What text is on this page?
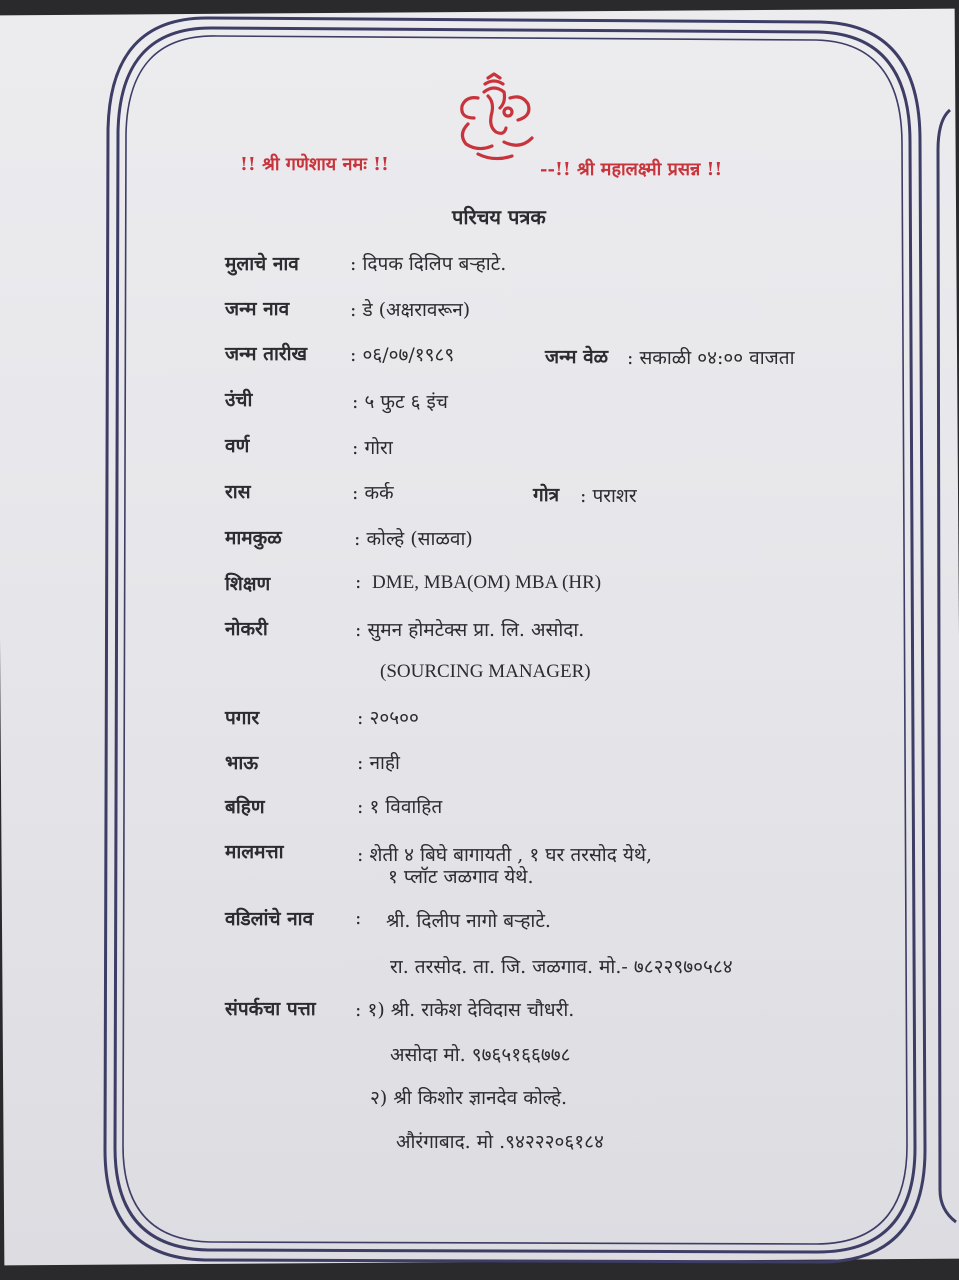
!! श्री गणेशाय नमः !!	--!! श्री महालक्ष्मी प्रसन्न !!
परिचय पत्रक
मुलाचे नाव	: दिपक दिलिप बऱ्हाटे.
जन्म नाव	: डे (अक्षरावरून)
जन्म तारीख : ०६/०७/१९८९	जन्म वेळ : सकाळी ०४:०० वाजता
उंची	: ५ फुट ६ इंच
वर्ण	: गोरा
रास	: कर्क	गोत्र : पराशर
मामकुळ	: कोल्हे (साळवा)
शिक्षण	: DME, MBA(OM) MBA (HR)
नोकरी	: सुमन होमटेक्स प्रा. लि. असोदा.
(SOURCING MANAGER)
पगार	: २०५००
भाऊ	: नाही
बहिण	: १ विवाहित
मालमत्ता	: शेती ४ बिघे बागायती , १ घर तरसोद येथे,
१ प्लॉट जळगाव येथे.
वडिलांचे नाव : श्री. दिलीप नागो बऱ्हाटे.
रा. तरसोद. ता. जि. जळगाव. मो.- ७८२२९७०५८४
संपर्कचा पत्ता : १) श्री. राकेश देविदास चौधरी.
असोदा मो. ९७६५१६६७७८
२) श्री किशोर ज्ञानदेव कोल्हे.
औरंगाबाद. मो .९४२२२०६१८४
